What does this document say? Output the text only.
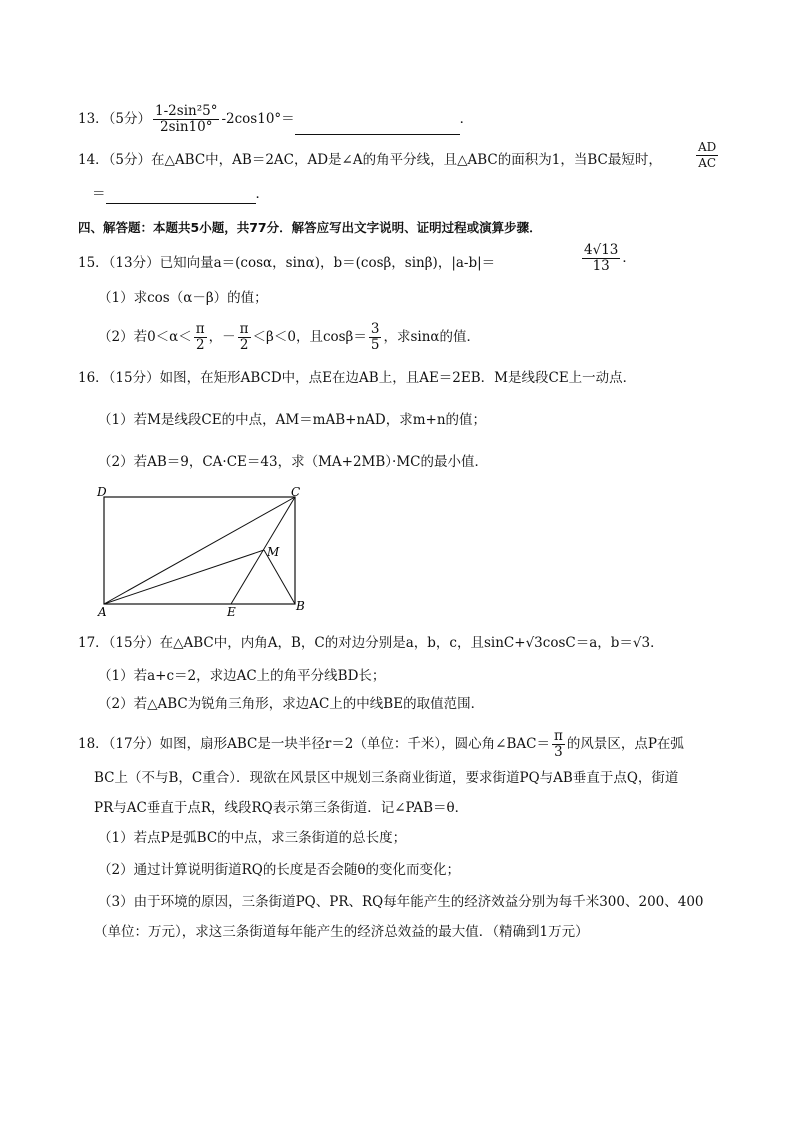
13．（5分） $\frac{\text{1-2sin²5°}}{2\sin 10^\circ} -2\cos 10^\circ=$	．
14．（5分）在△ABC中，AB＝2AC，AD是∠A的角平分线，且△ABC的面积为1，当BC最短时，	$\frac{AD}{AC}$
＝	．
四、解答题：本题共5小题，共77分．解答应写出文字说明、证明过程或演算步骤．
15．（13分）已知向量a＝(cosα，sinα)，b＝(cosβ，sinβ)，|a-b|＝	$\frac{4√13}{13}$ ．
（1）求cos（α－β）的值；
（2）若$0<\alpha< \frac{\pi}{2}$ ，－ $\frac{\pi}{2} <\beta<0$，且$\cos\beta= \frac{3}{5}$ ，求sinα的值．
16．（15分）如图，在矩形ABCD中，点E在边AB上，且AE＝2EB．M是线段CE上一动点．
（1）若M是线段CE的中点，AM＝mAB+nAD，求m+n的值；
（2）若AB＝9，CA·CE＝43，求（MA+2MB）·MC的最小值．
D	C
M
A	E	B
17．（15分）在△ABC中，内角A，B，C的对边分别是a，b，c，且sinC+√3cosC＝a，b＝√3．
（1）若a+c＝2，求边AC上的角平分线BD长；
（2）若△ABC为锐角三角形，求边AC上的中线BE的取值范围．
18．（17分）如图，扇形ABC是一块半径r＝2（单位：千米），圆心角∠BAC＝ $\frac{\pi}{3}$ 的风景区，点P在弧
BC上（不与B，C重合）．现欲在风景区中规划三条商业街道，要求街道PQ与AB垂直于点Q，街道
PR与AC垂直于点R，线段RQ表示第三条街道．记∠PAB＝θ．
（1）若点P是弧BC的中点，求三条街道的总长度；
（2）通过计算说明街道RQ的长度是否会随θ的变化而变化；
（3）由于环境的原因，三条街道PQ、PR、RQ每年能产生的经济效益分别为每千米300、200、400
（单位：万元），求这三条街道每年能产生的经济总效益的最大值．（精确到1万元）
